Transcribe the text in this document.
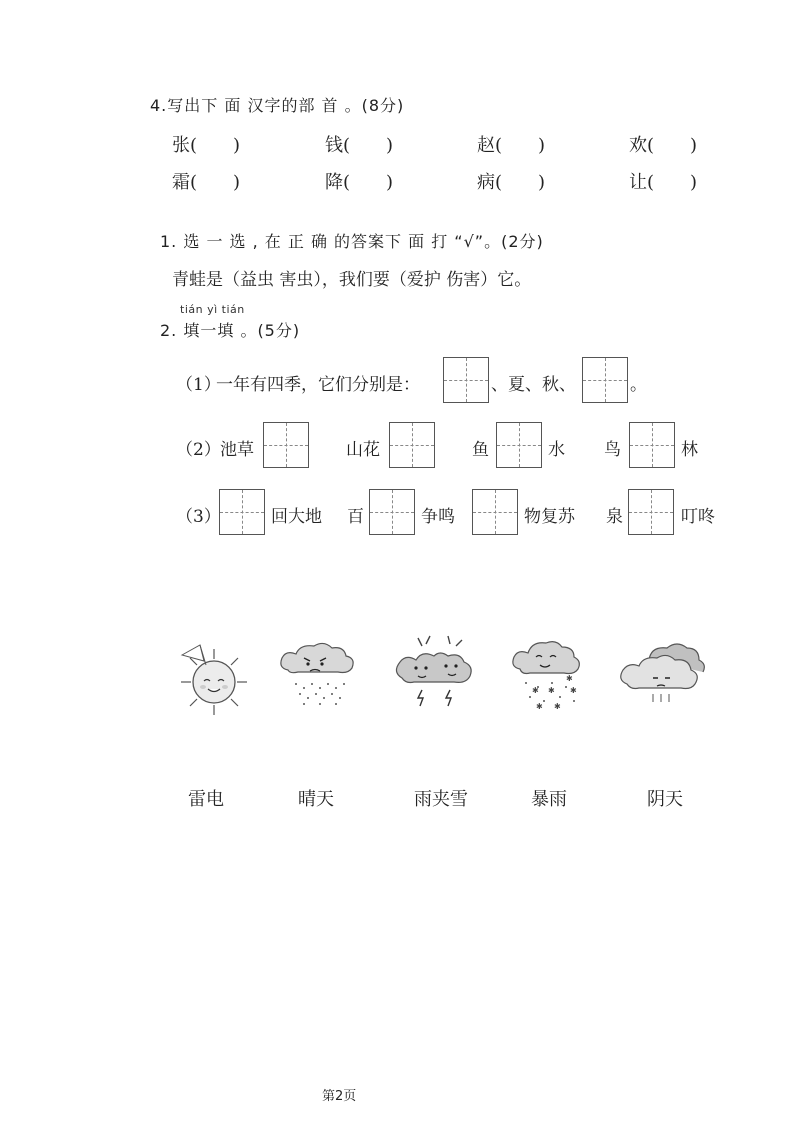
4.写出下 面 汉字的部 首 。(8分)
张(　　)	钱(　　)	赵(　　)	欢(　　)
霜(　　)	降(　　)	病(　　)	让(　　)
1. 选 一 选 , 在 正 确 的答案下 面 打 “√”。(2分)
青蛙是（益虫 害虫），我们要（爱护 伤害）它。
tián yì tián
2. 填一填 。(5分)
（1）
一年有四季，它们分别是：	、夏、秋、	。
（2） 池草	山花	鱼	水 鸟	林
（3）	回大地 百	争鸣	物复苏 泉	叮咚
✱ ✱
✱
✱ ✱
✱
雷电	晴天	雨夹雪	暴雨	阴天
第2页
